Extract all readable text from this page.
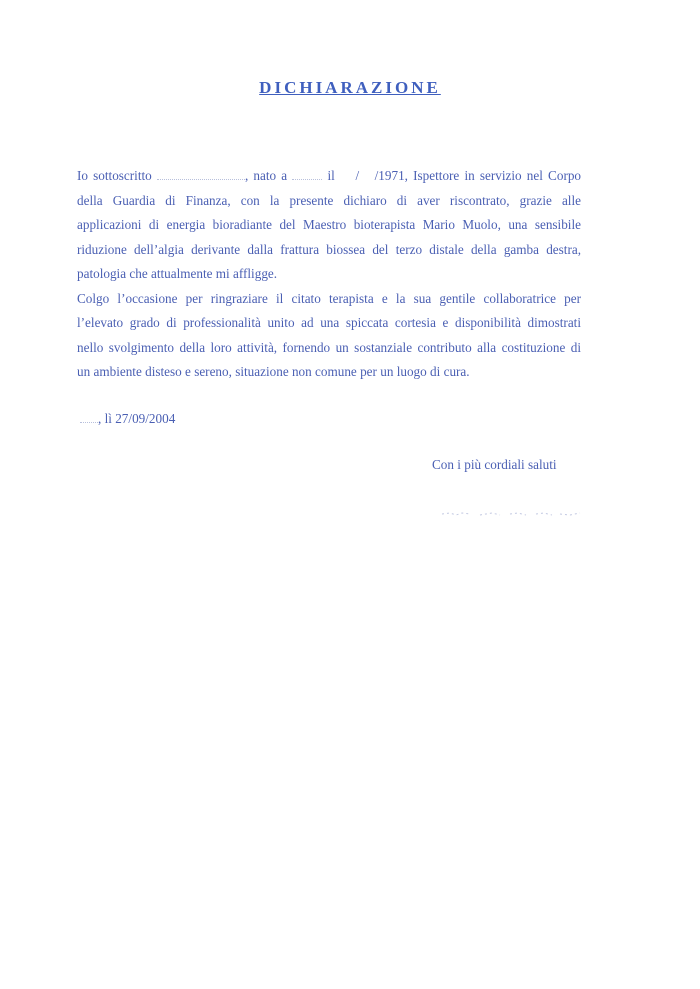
DICHIARAZIONE

Io sottoscritto	, nato a	il / /1971, Ispettore in servizio nel Corpo
della Guardia di Finanza, con la presente dichiaro di aver riscontrato, grazie alle
applicazioni di energia bioradiante del Maestro bioterapista Mario Muolo, una sensibile
riduzione dell’algia derivante dalla frattura biossea del terzo distale della gamba destra,
patologia che attualmente mi affligge.

Colgo l’occasione per ringraziare il citato terapista e la sua gentile collaboratrice per
l’elevato grado di professionalità unito ad una spiccata cortesia e disponibilità dimostrati
nello svolgimento della loro attività, fornendo un sostanziale contributo alla costituzione di
un ambiente disteso e sereno, situazione non comune per un luogo di cura.

, lì 27/09/2004
Con i più cordiali saluti
